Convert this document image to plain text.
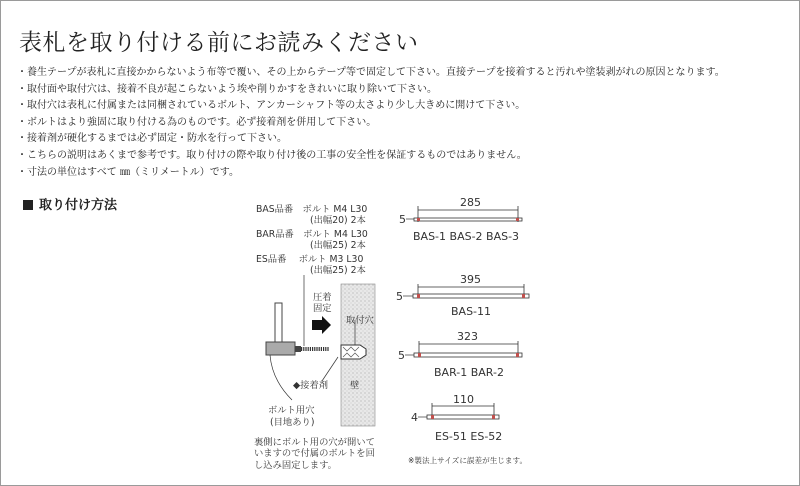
表札を取り付ける前にお読みください
・養生テープが表札に直接かからないよう布等で覆い、その上からテープ等で固定して下さい。直接テープを接着すると汚れや塗装剥がれの原因となります。
・取付面や取付穴は、接着不良が起こらないよう埃や削りかすをきれいに取り除いて下さい。
・取付穴は表札に付属または同梱されているボルト、アンカーシャフト等の太さより少し大きめに開けて下さい。
・ボルトはより強固に取り付ける為のものです。必ず接着剤を併用して下さい。
・接着剤が硬化するまでは必ず固定・防水を行って下さい。
・こちらの説明はあくまで参考です。取り付けの際や取り付け後の工事の安全性を保証するものではありません。
・寸法の単位はすべて ㎜（ミリメートル）です。
取り付け方法	BAS品番　ボルト M4 L30
(出幅20) 2本
BAR品番　ボルト M4 L30
(出幅25) 2本
ES品番　 ボルト M3 L30
(出幅25) 2本
圧着
固定
取付穴
◆接着剤 壁
ボルト用穴
(目地あり)
裏側にボルト用の穴が開いて
いますので付属のボルトを回
し込み固定します。
285
5
BAS-1 BAS-2 BAS-3
395
5
BAS-11
323
5
BAR-1 BAR-2
110
4
ES-51 ES-52
※製法上サイズに誤差が生じます。
